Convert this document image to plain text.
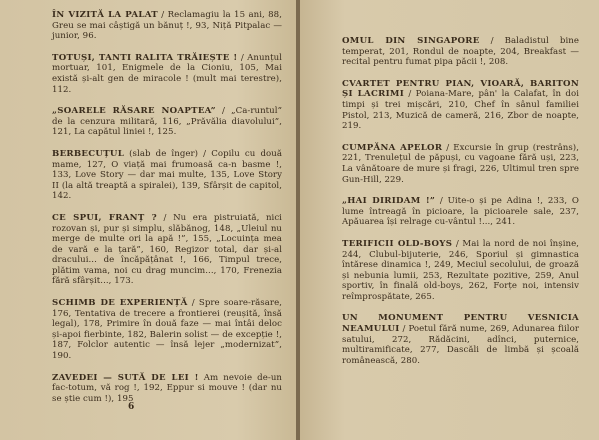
ÎN VIZITĂ LA PALAT / Reclamagiu la 15 ani, 88, Greu se mai câștigă un bănuț !, 93, Niță Pitpalac — junior, 96.

TOTUȘI, TANTI RALITA TRĂIEȘTE ! / Anunțul mortuar, 101, Enigmele de la Cioniu, 105, Mai există și-alt gen de miracole ! (mult mai terestre), 112.

„SOARELE RĂSARE NOAPTEA” / „Ca-runtul” de la cenzura militară, 116, „Prăvălia diavolului”, 121, La capătul liniei !, 125.

BERBECUȚUL (slab de înger) / Copilu cu două mame, 127, O viață mai frumoasă ca-n basme !, 133, Love Story — dar mai multe, 135, Love Story II (la altă treaptă a spiralei), 139, Sfârșit de capitol, 142.

CE SPUI, FRANȚ ? / Nu era pistruiată, nici rozovan și, pur și simplu, slăbănog, 148, „Uleiul nu merge de multe ori la apă !”, 155, „Locuința mea de vară e la țară”, 160, Regizor total, dar și-al dracului... de încăpățânat !, 166, Timpul trece, plătim vama, noi cu drag muncim..., 170, Frenezia fără sfârșit..., 173.

SCHIMB DE EXPERIENȚĂ / Spre soare-răsare, 176, Tentativa de trecere a frontierei (reușită, însă legal), 178, Primire în două faze — mai întâi deloc și-apoi fierbinte, 182, Balerin solist — de excepție !, 187, Folclor autentic — însă lejer „modernizat”, 190.

ZAVEDEI — SUTĂ DE LEI ! Am nevoie de-un fac-totum, vă rog !, 192, Eppur si mouve ! (dar nu se știe cum !), 195

6

OMUL DIN SINGAPORE / Baladistul bine temperat, 201, Rondul de noapte, 204, Breakfast — recital pentru fumat pipa păcii !, 208.

CVARTET PENTRU PIAN, VIOARĂ, BARITON ȘI LACRIMI / Poiana-Mare, pân' la Calafat, în doi timpi și trei mișcări, 210, Chef în sânul familiei Pistol, 213, Muzică de cameră, 216, Zbor de noapte, 219.

CUMPĂNA APELOR / Excursie în grup (restrâns), 221, Trenulețul de păpuși, cu vagoane fără uși, 223, La vânătoare de mure și fragi, 226, Ultimul tren spre Gun-Hill, 229.

„HAI DIRIDAM !” / Uite-o și pe Adina !, 233, O lume întreagă în picioare, la picioarele sale, 237, Apăuarea își relrage cu-vântul !..., 241.

TERIFICII OLD-BOYS / Mai la nord de noi înșine, 244, Clubul-bijuterie, 246, Sporiul și gimnastica întărese dinamica !, 249, Meciul secolului, de groază și nebunia lumii, 253, Rezultate pozitive, 259, Anul sportiv, în finală old-boys, 262, Forțe noi, intensiv reîmprospătate, 265.

UN MONUMENT PENTRU VESNICIA NEAMULUI / Poetul fără nume, 269, Adunarea fiilor satului, 272, Rădăcini, adînci, puternice, multiramificate, 277, Dascăli de limbă și școală românească, 280.
